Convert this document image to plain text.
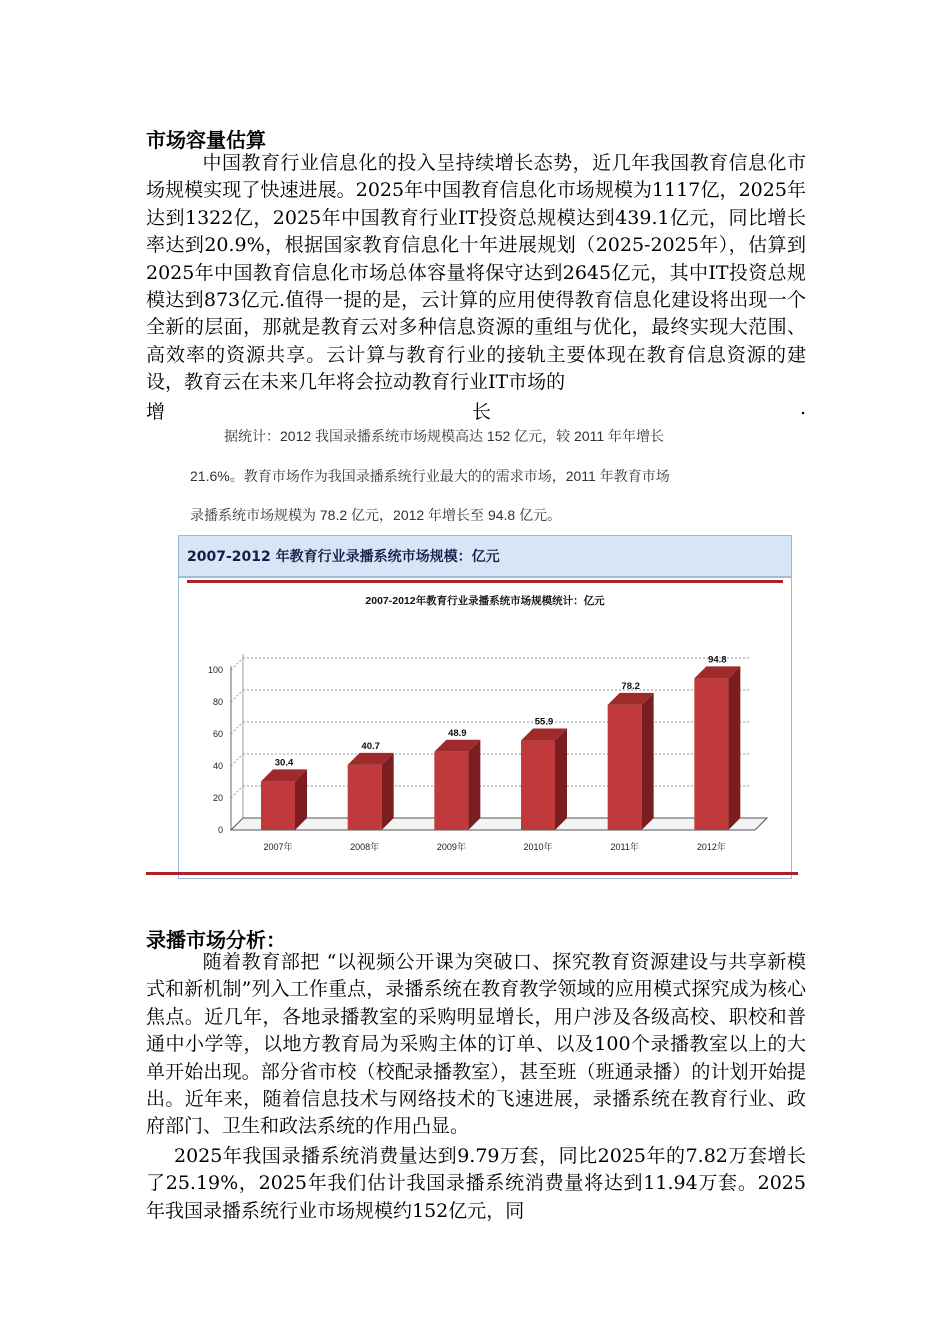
市场容量估算
中国教育行业信息化的投入呈持续增长态势，近几年我国教育信息化市场规模实现了快速进展。2025年中国教育信息化市场规模为1117亿，2025年达到1322亿，2025年中国教育行业IT投资总规模达到439.1亿元，同比增长率达到20.9%，根据国家教育信息化十年进展规划（2025-2025年），估算到2025年中国教育信息化市场总体容量将保守达到2645亿元，其中IT投资总规模达到873亿元.值得一提的是，云计算的应用使得教育信息化建设将出现一个全新的层面，那就是教育云对多种信息资源的重组与优化，最终实现大范围、高效率的资源共享。云计算与教育行业的接轨主要体现在教育信息资源的建设，教育云在未来几年将会拉动教育行业IT市场的
增	长	.
据统计：2012 我国录播系统市场规模高达 152 亿元，较 2011 年年增长
21.6%。教育市场作为我国录播系统行业最大的的需求市场，2011 年教育市场
录播系统市场规模为 78.2 亿元，2012 年增长至 94.8 亿元。
2007-2012 年教育行业录播系统市场规模：亿元
2007-2012年教育行业录播系统市场规模统计：亿元
0
20
40
60
80
100
30.4
40.7
48.9
55.9
78.2
94.8
2007年	2008年	2009年	2010年	2011年	2012年
录播市场分析：
随着教育部把 “以视频公开课为突破口、探究教育资源建设与共享新模式和新机制”列入工作重点，录播系统在教育教学领域的应用模式探究成为核心焦点。近几年，各地录播教室的采购明显增长，用户涉及各级高校、职校和普通中小学等，以地方教育局为采购主体的订单、以及100个录播教室以上的大单开始出现。部分省市校（校配录播教室），甚至班（班通录播）的计划开始提出。近年来，随着信息技术与网络技术的飞速进展，录播系统在教育行业、政府部门、卫生和政法系统的作用凸显。
2025年我国录播系统消费量达到9.79万套，同比2025年的7.82万套增长了25.19%，2025年我们估计我国录播系统消费量将达到11.94万套。2025年我国录播系统行业市场规模约152亿元，同
